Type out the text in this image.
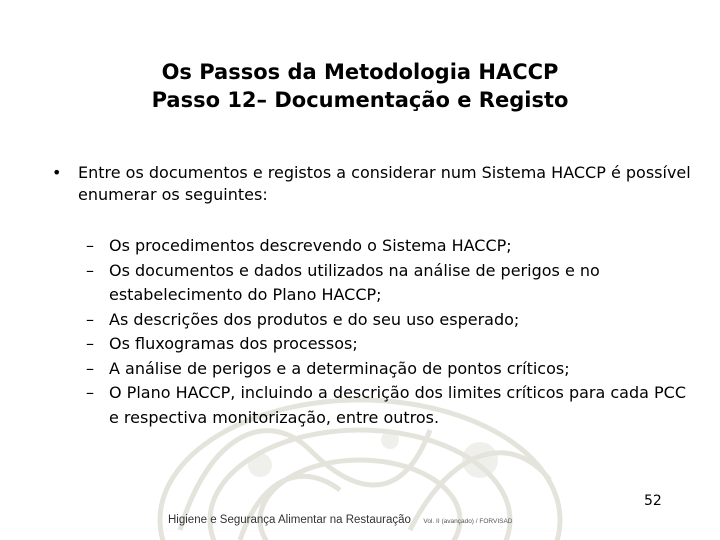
Os Passos da Metodologia HACCP
Passo 12– Documentação e Registo
• Entre os documentos e registos a considerar num Sistema HACCP é possível enumerar os seguintes:
– Os procedimentos descrevendo o Sistema HACCP;
– Os documentos e dados utilizados na análise de perigos e no estabelecimento do Plano HACCP;
– As descrições dos produtos e do seu uso esperado;
– Os fluxogramas dos processos;
– A análise de perigos e a determinação de pontos críticos;
– O Plano HACCP, incluindo a descrição dos limites críticos para cada PCC e respectiva monitorização, entre outros.
52
Higiene e Segurança Alimentar na Restauração Vol. II (avançado) / FORVISAD
